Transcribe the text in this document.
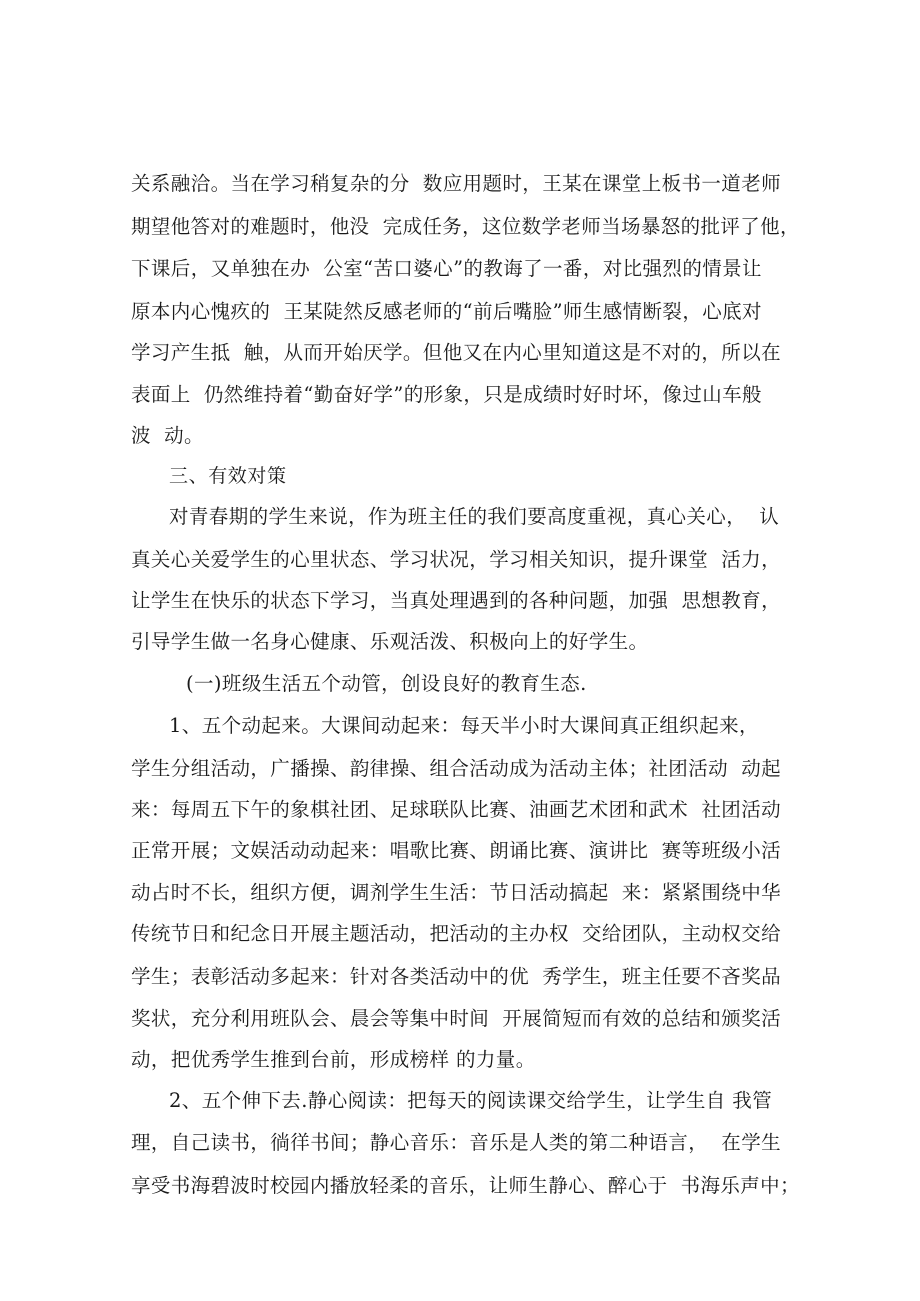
关系融洽。当在学习稍复杂的分  数应用题时，王某在课堂上板书一道老师
期望他答对的难题时，他没  完成任务，这位数学老师当场暴怒的批评了他，
下课后，又单独在办  公室“苦口婆心”的教诲了一番，对比强烈的情景让
原本内心愧疚的  王某陡然反感老师的“前后嘴脸”师生感情断裂，心底对
学习产生抵  触，从而开始厌学。但他又在内心里知道这是不对的，所以在
表面上  仍然维持着“勤奋好学”的形象，只是成绩时好时坏，像过山车般
波  动。
三、有效对策
对青春期的学生来说，作为班主任的我们要高度重视，真心关心，  认
真关心关爱学生的心里状态、学习状况，学习相关知识，提升课堂  活力，
让学生在快乐的状态下学习，当真处理遇到的各种问题，加强  思想教育，
引导学生做一名身心健康、乐观活泼、积极向上的好学生。
(一)班级生活五个动管，创设良好的教育生态.
1、五个动起来。大课间动起来：每天半小时大课间真正组织起来，
学生分组活动，广播操、韵律操、组合活动成为活动主体；社团活动  动起
来：每周五下午的象棋社团、足球联队比赛、油画艺术团和武术  社团活动
正常开展；文娱活动动起来：唱歌比赛、朗诵比赛、演讲比  赛等班级小活
动占时不长，组织方便，调剂学生生活：节日活动搞起  来：紧紧围绕中华
传统节日和纪念日开展主题活动，把活动的主办权  交给团队，主动权交给
学生；表彰活动多起来：针对各类活动中的优  秀学生，班主任要不吝奖品
奖状，充分利用班队会、晨会等集中时间  开展简短而有效的总结和颁奖活
动，把优秀学生推到台前，形成榜样 的力量。
2、五个伸下去.静心阅读：把每天的阅读课交给学生，让学生自 我管
理，自己读书，徜徉书间；静心音乐：音乐是人类的第二种语言，  在学生
享受书海碧波时校园内播放轻柔的音乐，让师生静心、醉心于  书海乐声中；
